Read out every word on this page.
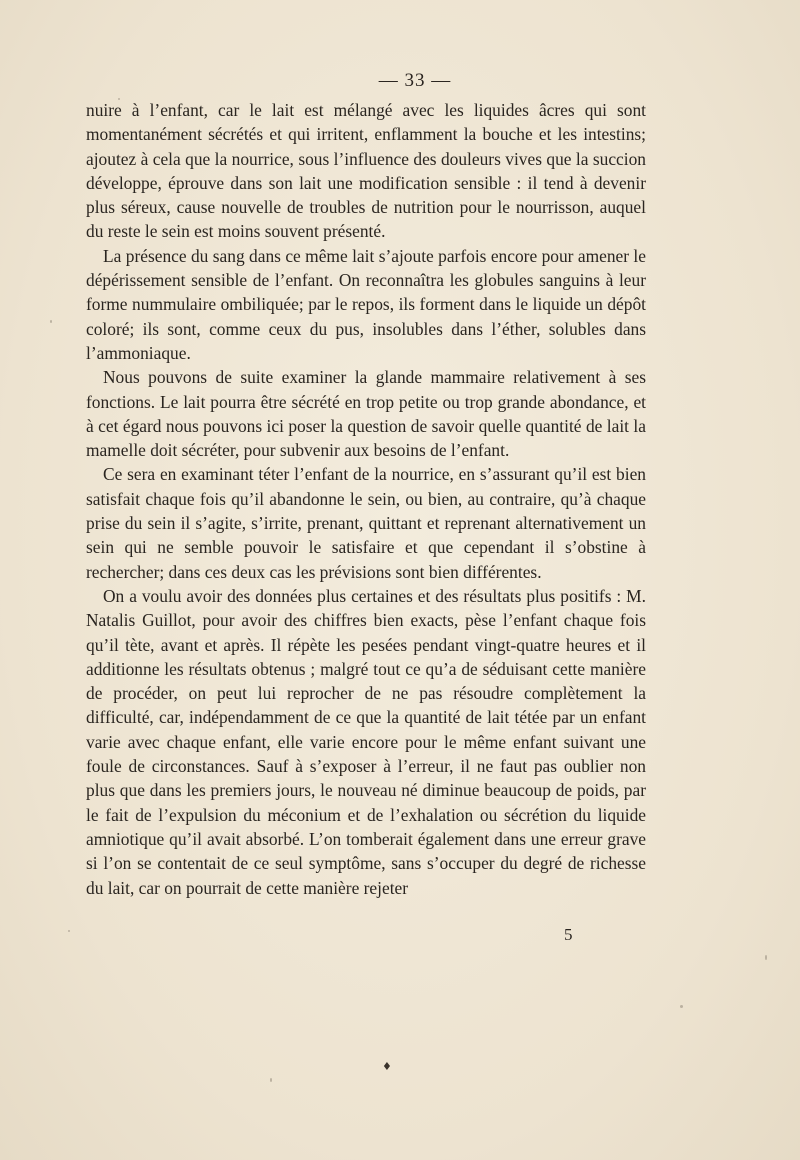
— 33 —

nuire à l’enfant, car le lait est mélangé avec les liquides âcres qui sont momentanément sécrétés et qui irritent, enflamment la bouche et les intestins; ajoutez à cela que la nourrice, sous l’influence des douleurs vives que la succion développe, éprouve dans son lait une modification sensible : il tend à devenir plus séreux, cause nouvelle de troubles de nutrition pour le nourrisson, auquel du reste le sein est moins souvent présenté.

La présence du sang dans ce même lait s’ajoute parfois encore pour amener le dépérissement sensible de l’enfant. On reconnaîtra les globules sanguins à leur forme nummulaire ombiliquée; par le repos, ils forment dans le liquide un dépôt coloré; ils sont, comme ceux du pus, insolubles dans l’éther, solubles dans l’ammoniaque.

Nous pouvons de suite examiner la glande mammaire relativement à ses fonctions. Le lait pourra être sécrété en trop petite ou trop grande abondance, et à cet égard nous pouvons ici poser la question de savoir quelle quantité de lait la mamelle doit sécréter, pour subvenir aux besoins de l’enfant.

Ce sera en examinant téter l’enfant de la nourrice, en s’assurant qu’il est bien satisfait chaque fois qu’il abandonne le sein, ou bien, au contraire, qu’à chaque prise du sein il s’agite, s’irrite, prenant, quittant et reprenant alternativement un sein qui ne semble pouvoir le satisfaire et que cependant il s’obstine à rechercher; dans ces deux cas les prévisions sont bien différentes.

On a voulu avoir des données plus certaines et des résultats plus positifs : M. Natalis Guillot, pour avoir des chiffres bien exacts, pèse l’enfant chaque fois qu’il tète, avant et après. Il répète les pesées pendant vingt-quatre heures et il additionne les résultats obtenus ; malgré tout ce qu’a de séduisant cette manière de procéder, on peut lui reprocher de ne pas résoudre complètement la difficulté, car, indépendamment de ce que la quantité de lait tétée par un enfant varie avec chaque enfant, elle varie encore pour le même enfant suivant une foule de circonstances. Sauf à s’exposer à l’erreur, il ne faut pas oublier non plus que dans les premiers jours, le nouveau né diminue beaucoup de poids, par le fait de l’expulsion du méconium et de l’exhalation ou sécrétion du liquide amniotique qu’il avait absorbé. L’on tomberait également dans une erreur grave si l’on se contentait de ce seul symptôme, sans s’occuper du degré de richesse du lait, car on pourrait de cette manière rejeter

5
♦
